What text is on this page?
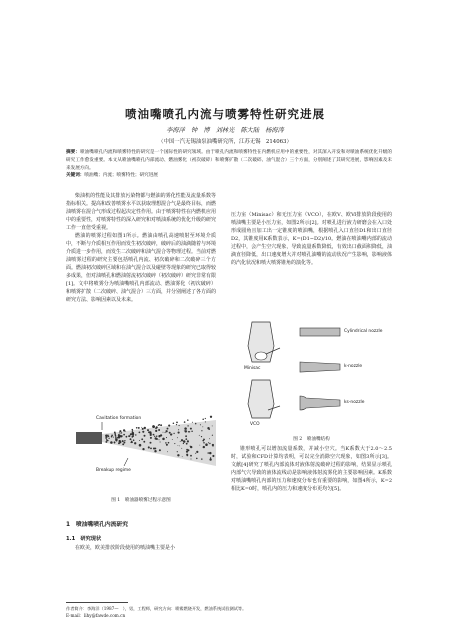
喷油嘴喷孔内流与喷雾特性研究进展
李海洋　钟　博　刘林光　陈大陆　杨海涛
（中国一汽无锡油泵油嘴研究所，江苏无锡　214063）
摘要：喷油嘴喷孔内流和喷雾特性的研究是一个国际性的研究领域。由于喷孔内流和喷雾特性在内燃机应用中的重要性，对其深入开发和对喷油系统优化升级的研究工作愈发重要。本文从喷油嘴喷孔内部流动、燃油雾化（初次破碎）和喷雾扩散（二次破碎、油气混合）三个方面，分别阐述了其研究进展，影响因素及未来发展方向。
关键词：喷油嘴；内流；喷雾特性；研究进展

柴油机的性能及其排放污染物都与燃油的雾化性能及流量系数等指标相关。提高和改善喷雾水平以获取理想混合气是最终目标，而燃油喷雾在混合气形成过程起决定性作用。由于喷雾特性在内燃机应用中的重要性，对喷雾特性的深入研究和对喷油系统的优化升级的研究工作一直倍受重视。

燃油的喷雾过程如图1所示。燃油由喷孔高速喷射至环境介质中，不断与介质相互作用而发生初次破碎，破碎后的油滴随着与环境介质进一步作用，而发生二次破碎和油气混合等物理过程。当前对燃油喷雾过程的研究主要包括喷孔内流、初次破碎和二次破碎三个方面。燃油初次破碎区域和在油气混合以及碰壁等现象的研究已取得较多成果，但对油喷孔和燃油射流初次破碎（初次破碎）研究非常有限[1]。文中将喷雾分为喷油嘴喷孔内部流动、燃油雾化（初次破碎）和喷雾扩散（二次破碎、油气混合）三方面，并分别阐述了各方面的研究方法、影响因素以及未来。

Cavitation formation
Breakup regime
图 1　喷油器喷雾过程示意图
1　喷油嘴喷孔内流研究
1.1　研究现状

在欧美，欧美排放阶段使用的喷油嘴主要是小

压力室（Minisac）和无压力室（VCO），在欧Ⅴ、欧Ⅵ排放阶段使用的喷油嘴主要是小压力室，如图2所示[2]。对喷孔进行液力研磨会在入口处形成圆角且加工出一定锥度的喷油嘴，根据喷孔入口直径D1和出口直径D2，其锥度用K系数表示，K=(D1−D2)/10。燃油在喷油嘴内部的流动过程中，会产生空穴现象，导致流量系数降低，有效出口截面积降低，油滴直径降低，出口速度增大并对喷孔油嘴的流动状况产生影响，影响液体的汽化状况和喷大喷雾锥角的演化等。

Minisac
VCO
Cylindrical nozzle
k-nozzle
ks-nozzle
图 2　喷油嘴结构

锥形喷孔可以增加流量系数，并减小空穴。当K系数大于2.0～2.5时，试验和CFD计算均表明，可以完全消除空穴现象，如图3所示[3]。文献[4]研究了喷孔内部流体对液体射流破碎过程的影响，结果显示喷孔内部气穴导致的液体流线动是影响液体射流雾化的主要影响因素。K系数对喷油嘴喷孔内部的压力和速度分布也有重要的影响，如图4所示，K=2相比K=0时，喷孔内的压力和速度分布更均匀[5]。

作者简介：李海洋（1987—　），男，工程师，研究方向：喷雾燃烧开发，燃油系统试验测试等。
E-mail：lihy@fawde.com.cn
